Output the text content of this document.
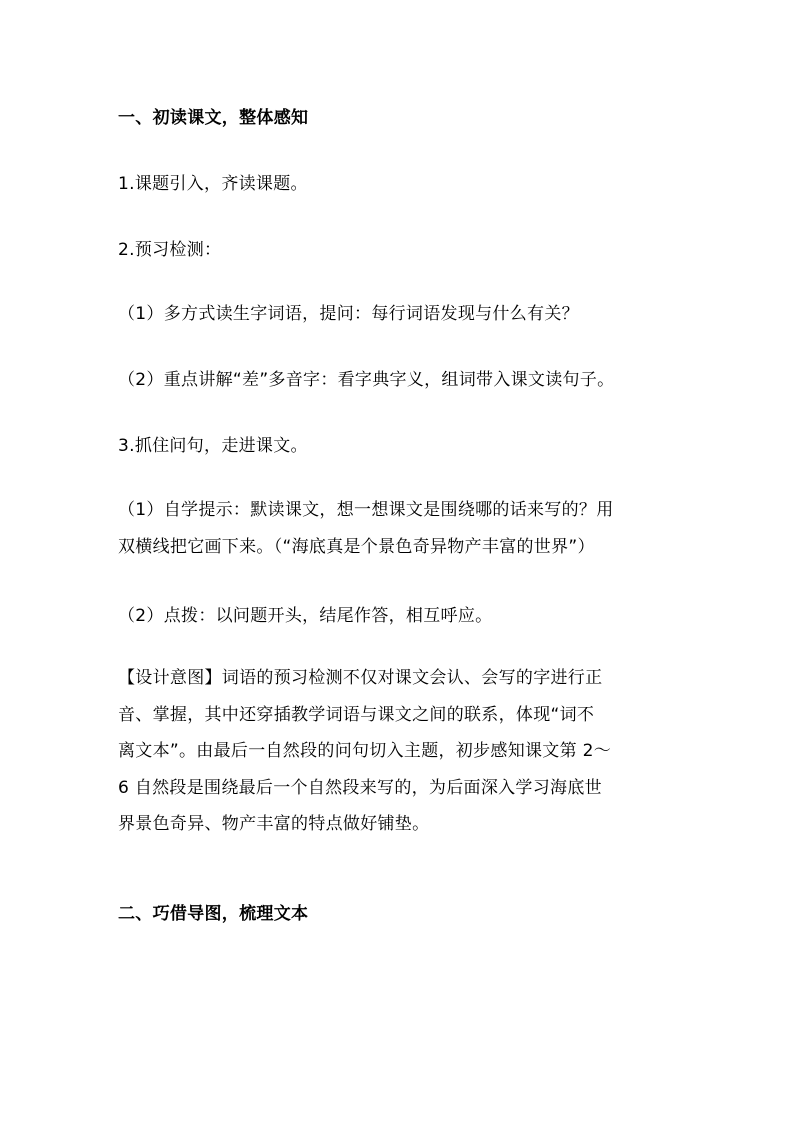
一、初读课文，整体感知
1.课题引入，齐读课题。
2.预习检测：
（1）多方式读生字词语，提问：每行词语发现与什么有关？
（2）重点讲解“差”多音字：看字典字义，组词带入课文读句子。
3.抓住问句，走进课文。
（1）自学提示：默读课文，想一想课文是围绕哪的话来写的？用
双横线把它画下来。（“海底真是个景色奇异物产丰富的世界”）
（2）点拨：以问题开头，结尾作答，相互呼应。
【设计意图】词语的预习检测不仅对课文会认、会写的字进行正
音、掌握，其中还穿插教学词语与课文之间的联系，体现“词不
离文本”。由最后一自然段的问句切入主题，初步感知课文第 2～
6 自然段是围绕最后一个自然段来写的，为后面深入学习海底世
界景色奇异、物产丰富的特点做好铺垫。
二、巧借导图，梳理文本
